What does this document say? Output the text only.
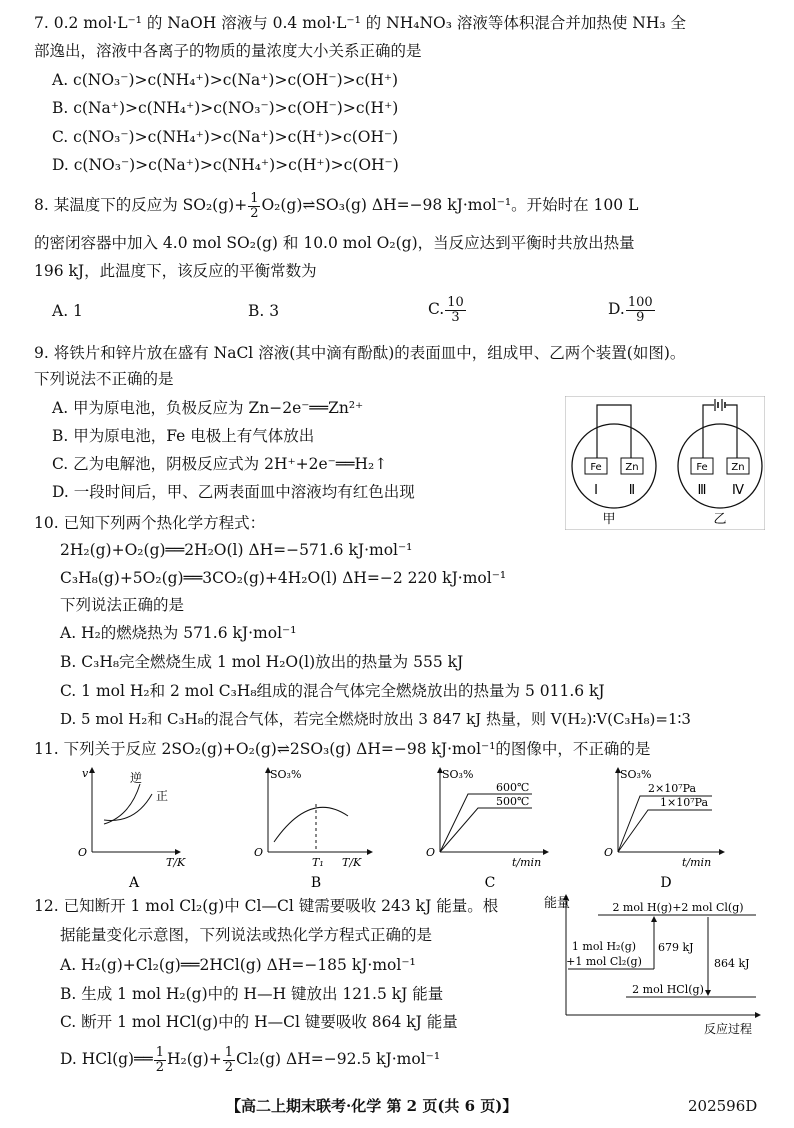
7. 0.2 mol·L⁻¹ 的 NaOH 溶液与 0.4 mol·L⁻¹ 的 NH₄NO₃ 溶液等体积混合并加热使 NH₃ 全
部逸出，溶液中各离子的物质的量浓度大小关系正确的是
A. c(NO₃⁻)>c(NH₄⁺)>c(Na⁺)>c(OH⁻)>c(H⁺)
B. c(Na⁺)>c(NH₄⁺)>c(NO₃⁻)>c(OH⁻)>c(H⁺)
C. c(NO₃⁻)>c(NH₄⁺)>c(Na⁺)>c(H⁺)>c(OH⁻)
D. c(NO₃⁻)>c(Na⁺)>c(NH₄⁺)>c(H⁺)>c(OH⁻)
8. 某温度下的反应为 $SO_2(g)+ \frac{1}{2}$ O₂(g)⇌SO₃(g) ΔH=−98 kJ·mol⁻¹。开始时在 100 L
的密闭容器中加入 4.0 mol SO₂(g) 和 10.0 mol O₂(g)，当反应达到平衡时共放出热量
196 kJ，此温度下，该反应的平衡常数为
A. 1	B. 3	C. $\frac{10}{3}$	D. $\frac{100}{9}$
9. 将铁片和锌片放在盛有 NaCl 溶液(其中滴有酚酞)的表面皿中，组成甲、乙两个装置(如图)。
下列说法不正确的是
A. 甲为原电池，负极反应为 Zn−2e⁻══Zn²⁺
B. 甲为原电池，Fe 电极上有气体放出
C. 乙为电解池，阴极反应式为 2H⁺+2e⁻══H₂↑
D. 一段时间后，甲、乙两表面皿中溶液均有红色出现
Fe Zn
Ⅰ Ⅱ
甲
Fe Zn
Ⅲ Ⅳ
乙
10. 已知下列两个热化学方程式：
2H₂(g)+O₂(g)══2H₂O(l) ΔH=−571.6 kJ·mol⁻¹
C₃H₈(g)+5O₂(g)══3CO₂(g)+4H₂O(l) ΔH=−2 220 kJ·mol⁻¹
下列说法正确的是
A. H₂的燃烧热为 571.6 kJ·mol⁻¹
B. C₃H₈完全燃烧生成 1 mol H₂O(l)放出的热量为 555 kJ
C. 1 mol H₂和 2 mol C₃H₈组成的混合气体完全燃烧放出的热量为 5 011.6 kJ
D. 5 mol H₂和 C₃H₈的混合气体，若完全燃烧时放出 3 847 kJ 热量，则 V(H₂)∶V(C₃H₈)=1∶3
11. 下列关于反应 2SO₂(g)+O₂(g)⇌2SO₃(g) ΔH=−98 kJ·mol⁻¹的图像中，不正确的是
v
O
T/K
逆
正
A
SO₃%
O
T/K
T₁
B
SO₃%
O
t/min
600℃
500℃
C
SO₃%
O
t/min
2×10⁷Pa
1×10⁷Pa
D
12. 已知断开 1 mol Cl₂(g)中 Cl—Cl 键需要吸收 243 kJ 能量。根
据能量变化示意图，下列说法或热化学方程式正确的是
A. H₂(g)+Cl₂(g)══2HCl(g) ΔH=−185 kJ·mol⁻¹
B. 生成 1 mol H₂(g)中的 H—H 键放出 121.5 kJ 能量
C. 断开 1 mol HCl(g)中的 H—Cl 键要吸收 864 kJ 能量
D. HCl(g)══ $\frac{1}{2} H_2(g)+ \frac{1}{2} Cl_2(g)$ ΔH=−92.5 kJ·mol⁻¹
能量
反应过程
2 mol H(g)+2 mol Cl(g)
1 mol H₂(g)
+1 mol Cl₂(g)
2 mol HCl(g)
679 kJ
864 kJ
【高二上期末联考·化学 第 2 页(共 6 页)】	202596D
